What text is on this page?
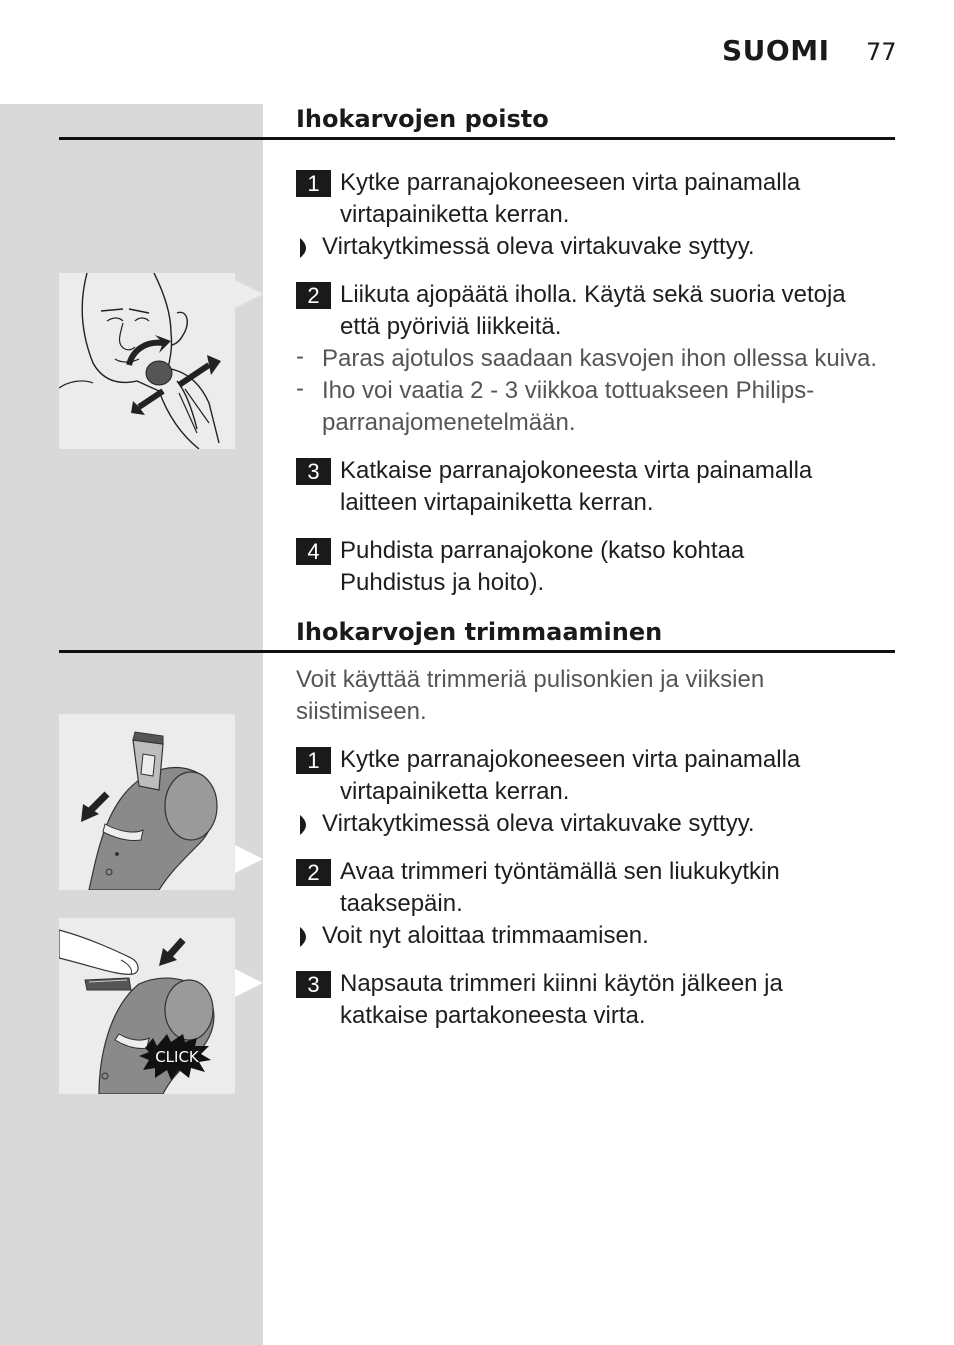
SUOMI 77
Ihokarvojen poisto
1 Kytke parranajokoneeseen virta painamalla
virtapainiketta kerran.
Virtakytkimessä oleva virtakuvake syttyy.
2 Liikuta ajopäätä iholla. Käytä sekä suoria vetoja
että pyöriviä liikkeitä.
- Paras ajotulos saadaan kasvojen ihon ollessa kuiva.
- Iho voi vaatia 2 - 3 viikkoa tottuakseen Philips-
parranajomenetelmään.
3 Katkaise parranajokoneesta virta painamalla
laitteen virtapainiketta kerran.
4 Puhdista parranajokone (katso kohtaa
Puhdistus ja hoito).
Ihokarvojen trimmaaminen
Voit käyttää trimmeriä pulisonkien ja viiksien
siistimiseen.
1 Kytke parranajokoneeseen virta painamalla
virtapainiketta kerran.
Virtakytkimessä oleva virtakuvake syttyy.
2 Avaa trimmeri työntämällä sen liukukytkin
taaksepäin.
Voit nyt aloittaa trimmaamisen.
3 Napsauta trimmeri kiinni käytön jälkeen ja
katkaise partakoneesta virta.
CLICK
